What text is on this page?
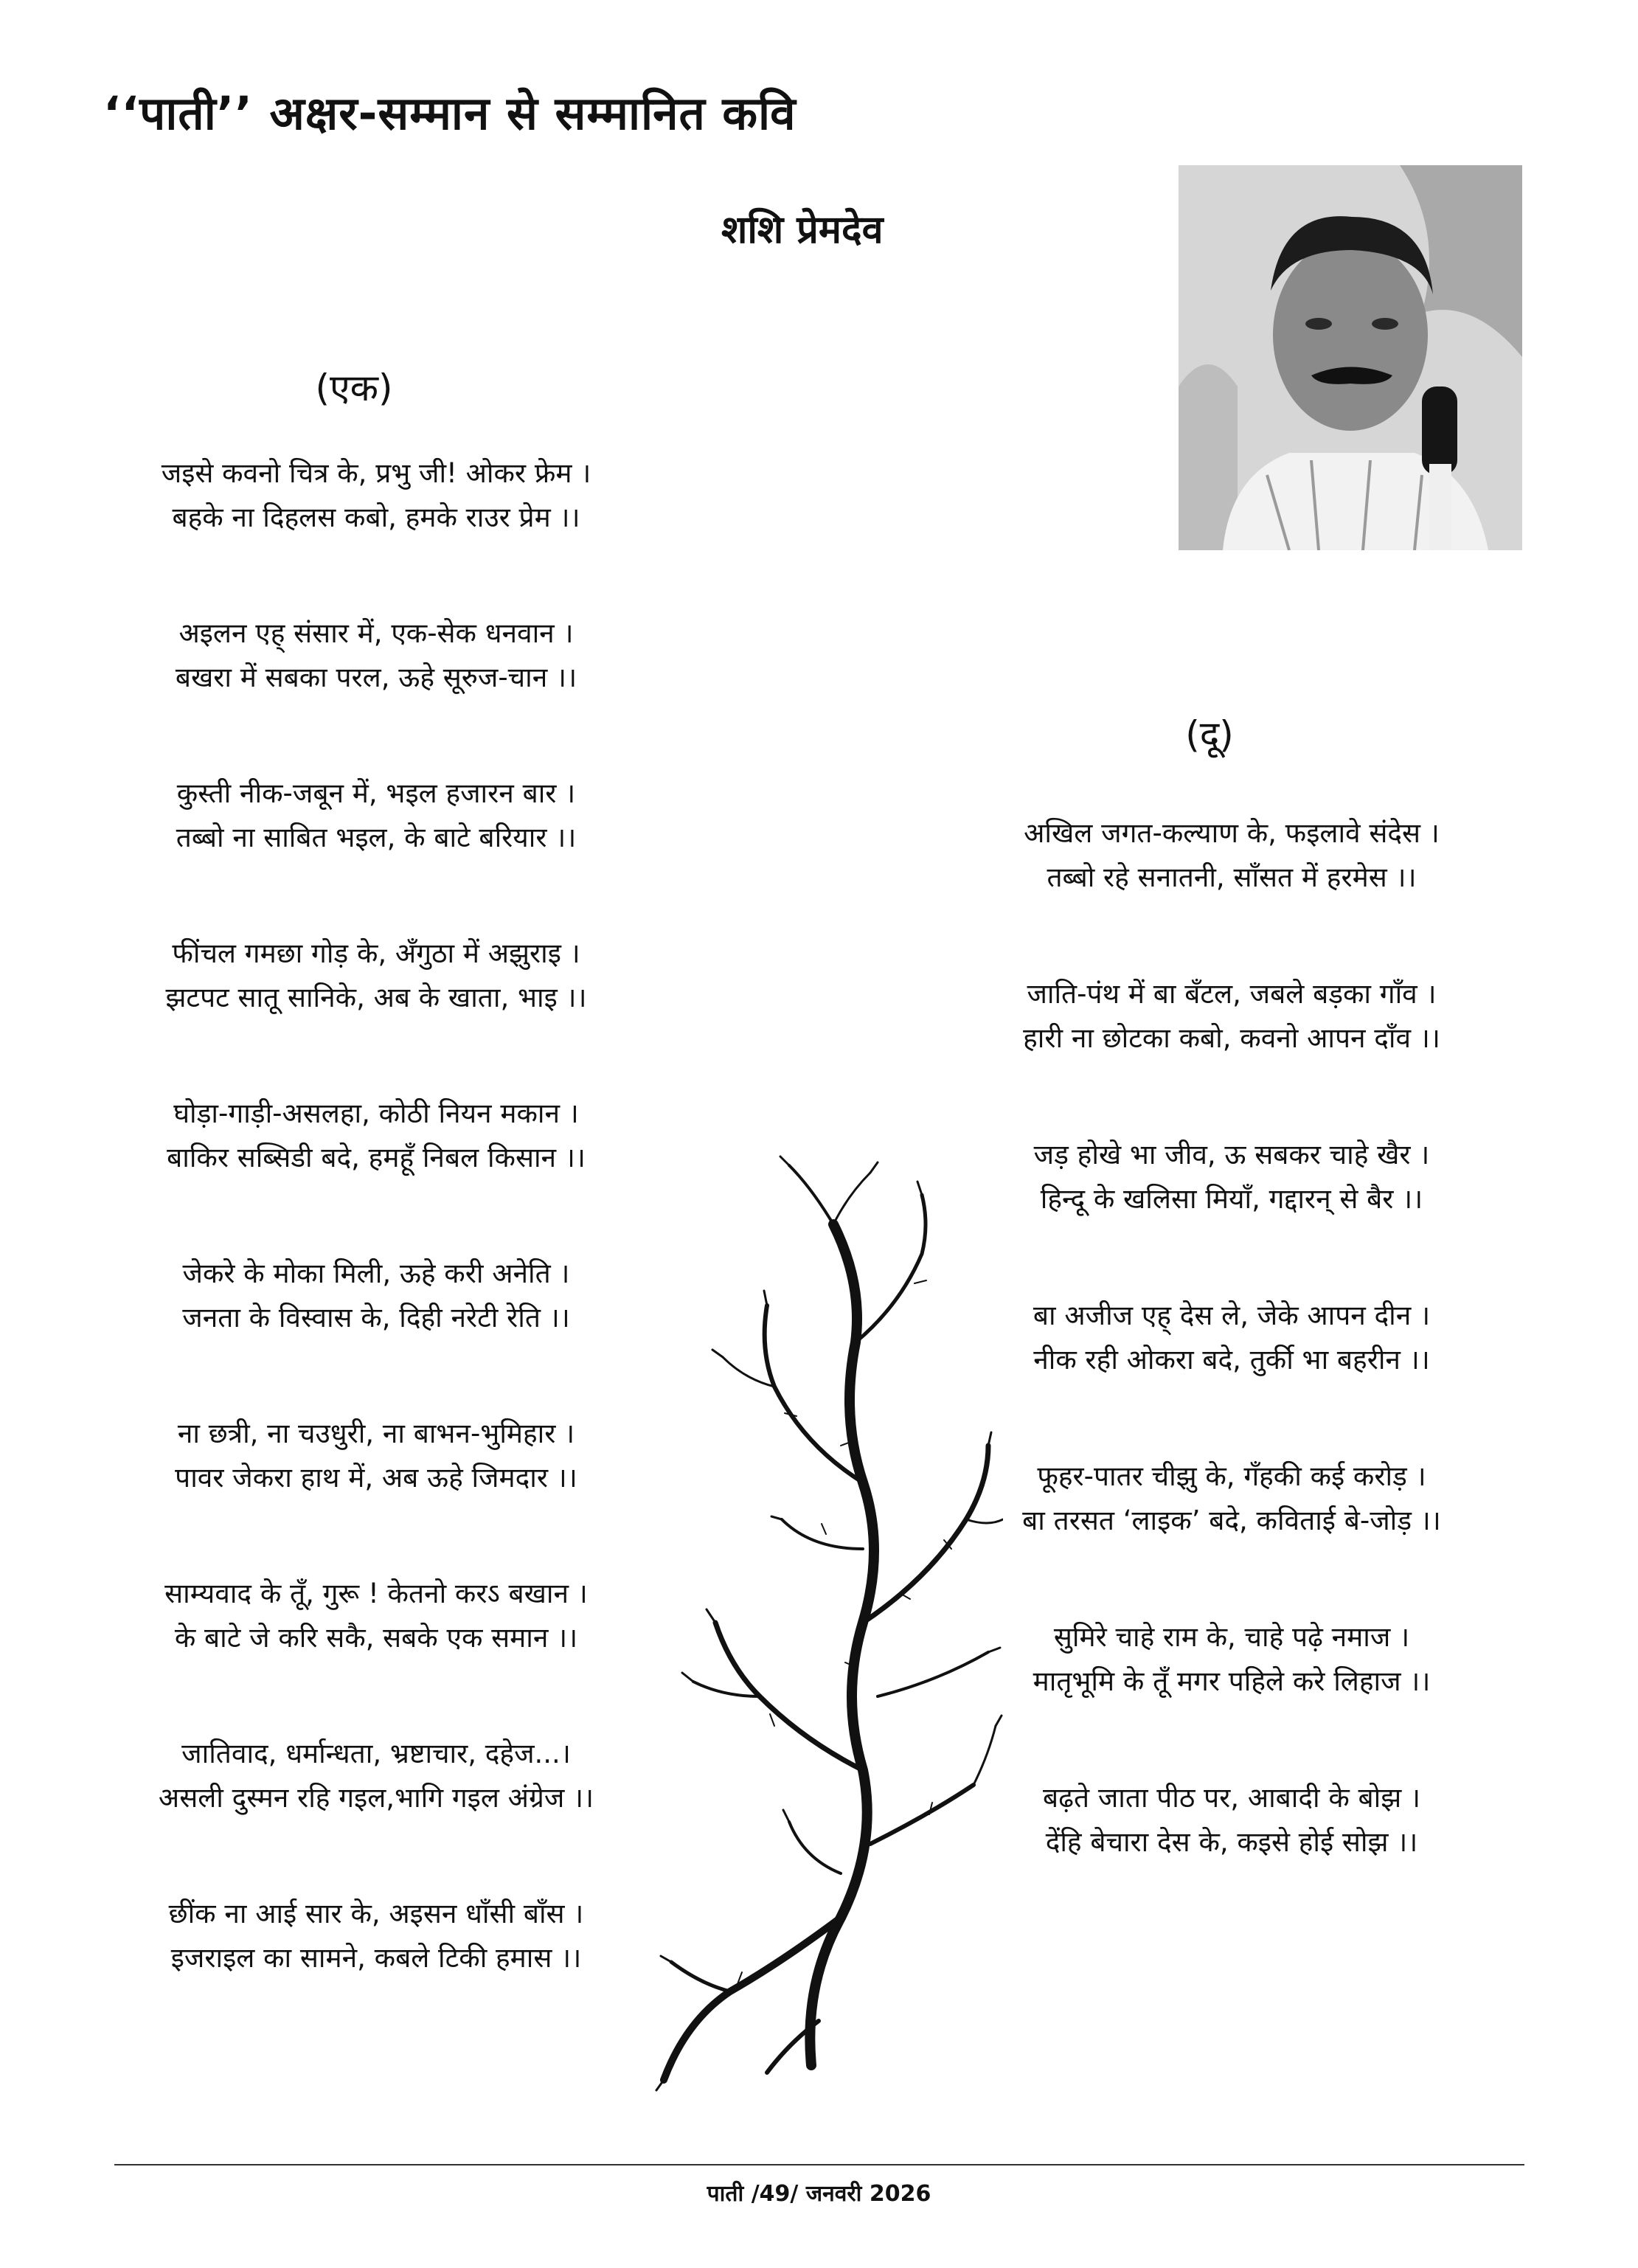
‘‘पाती’’ अक्षर-सम्मान से सम्मानित कवि
शशि प्रेमदेव
(एक)
(दू)
जइसे कवनो चित्र के, प्रभु जी! ओकर फ्रेम ।
बहके ना दिहलस कबो, हमके राउर प्रेम ।।
अइलन एह् संसार में, एक-सेक धनवान ।
बखरा में सबका परल, ऊहे सूरुज-चान ।।
कुस्ती नीक-जबून में, भइल हजारन बार ।
तब्बो ना साबित भइल, के बाटे बरियार ।।
फींचल गमछा गोड़ के, अँगुठा में अझुराइ ।
झटपट सातू सानिके, अब के खाता, भाइ ।।
घोड़ा-गाड़ी-असलहा, कोठी नियन मकान ।
बाकिर सब्सिडी बदे, हमहूँ निबल किसान ।।
जेकरे के मोका मिली, ऊहे करी अनेति ।
जनता के विस्वास के, दिही नरेटी रेति ।।
ना छत्री, ना चउधुरी, ना बाभन-भुमिहार ।
पावर जेकरा हाथ में, अब ऊहे जिमदार ।।
साम्यवाद के तूँ, गुरू ! केतनो करऽ बखान ।
के बाटे जे करि सकै, सबके एक समान ।।
जातिवाद, धर्मान्धता, भ्रष्टाचार, दहेज...।
असली दुस्मन रहि गइल,भागि गइल अंग्रेज ।।
छींक ना आई सार के, अइसन धाँसी बाँस ।
इजराइल का सामने, कबले टिकी हमास ।।
अखिल जगत-कल्याण के, फइलावे संदेस ।
तब्बो रहे सनातनी, साँसत में हरमेस ।।
जाति-पंथ में बा बँटल, जबले बड़का गाँव ।
हारी ना छोटका कबो, कवनो आपन दाँव ।।
जड़ होखे भा जीव, ऊ सबकर चाहे खैर ।
हिन्दू के खलिसा मियाँ, गद्दारन् से बैर ।।
बा अजीज एह् देस ले, जेके आपन दीन ।
नीक रही ओकरा बदे, तुर्की भा बहरीन ।।
फूहर-पातर चीझु के, गँहकी कई करोड़ ।
बा तरसत ‘लाइक’ बदे, कविताई बे-जोड़ ।।
सुमिरे चाहे राम के, चाहे पढ़े नमाज ।
मातृभूमि के तूँ मगर पहिले करे लिहाज ।।
बढ़ते जाता पीठ पर, आबादी के बोझ ।
देंहि बेचारा देस के, कइसे होई सोझ ।।
पाती /49/ जनवरी 2026
